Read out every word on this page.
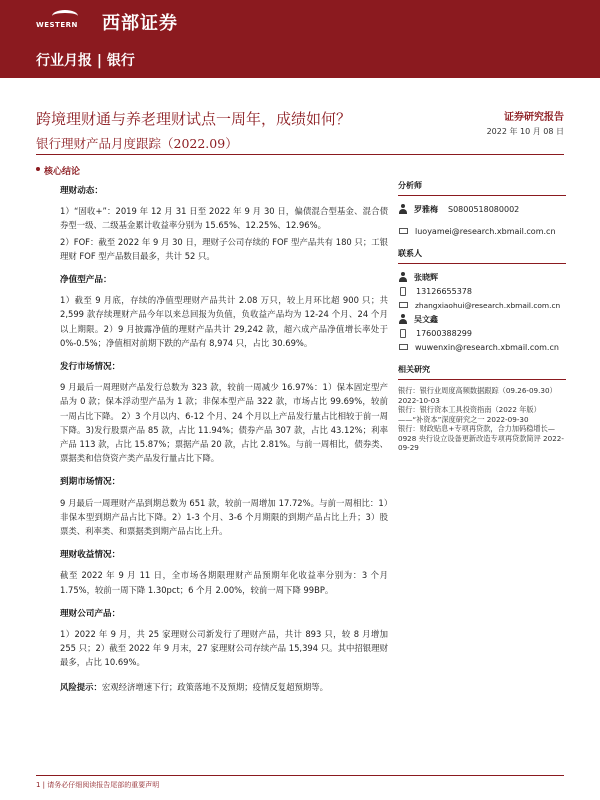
WESTERN 西部证券
行业月报 | 银行
跨境理财通与养老理财试点一周年，成绩如何？
银行理财产品月度跟踪（2022.09）
证券研究报告
2022 年 10 月 08 日
核心结论
理财动态：
1）“固收+”：2019 年 12 月 31 日至 2022 年 9 月 30 日，偏债混合型基金、混合债券型一级、二级基金累计收益率分别为 15.65%、12.25%、12.96%。
2）FOF：截至 2022 年 9 月 30 日，理财子公司存续的 FOF 型产品共有 180 只；工银理财 FOF 型产品数目最多，共计 52 只。
净值型产品：
1）截至 9 月底，存续的净值型理财产品共计 2.08 万只，较上月环比超 900 只；共 2,599 款存续理财产品今年以来总回报为负值，负收益产品均为 12-24 个月、24 个月以上期限。2）9 月披露净值的理财产品共计 29,242 款，超六成产品净值增长率处于 0%-0.5%；净值相对前期下跌的产品有 8,974 只，占比 30.69%。
发行市场情况：
9 月最后一周理财产品发行总数为 323 款，较前一周减少 16.97%：1）保本固定型产品为 0 款；保本浮动型产品为 1 款；非保本型产品 322 款，市场占比 99.69%，较前一周占比下降。 2）3 个月以内、6-12 个月、24 个月以上产品发行量占比相较于前一周下降。3)发行股票产品 85 款，占比 11.94%；债券产品 307 款，占比 43.12%；利率产品 113 款，占比 15.87%；票据产品 20 款，占比 2.81%。与前一周相比，债券类、票据类和信贷资产类产品发行量占比下降。
到期市场情况：
9 月最后一周理财产品到期总数为 651 款，较前一周增加 17.72%。与前一周相比：1）非保本型到期产品占比下降。2）1-3 个月、3-6 个月期限的到期产品占比上升；3）股票类、利率类、和票据类到期产品占比上升。
理财收益情况：
截至 2022 年 9 月 11 日，全市场各期限理财产品预期年化收益率分别为：3 个月 1.75%，较前一周下降 1.30pct；6 个月 2.00%，较前一周下降 99BP。
理财公司产品：
1）2022 年 9 月，共 25 家理财公司新发行了理财产品，共计 893 只，较 8 月增加 255 只；2）截至 2022 年 9 月末，27 家理财公司存续产品 15,394 只。其中招银理财最多，占比 10.69%。
风险提示：宏观经济增速下行；政策落地不及预期；疫情反复超预期等。
分析师
罗雅梅 S0800518080002
luoyamei@research.xbmail.com.cn
联系人
张晓辉
13126655378
zhangxiaohui@research.xbmail.com.cn
吴文鑫
17600388299
wuwenxin@research.xbmail.com.cn
相关研究
银行：银行业周度高频数据跟踪（09.26-09.30） 2022-10-03
银行：银行资本工具投资指南（2022 年版）——“补资本”深度研究之一 2022-09-30
银行：财政贴息+专项再贷款，合力加码稳增长—0928 央行设立设备更新改造专项再贷款简评 2022-09-29
1 | 请务必仔细阅读报告尾部的重要声明
